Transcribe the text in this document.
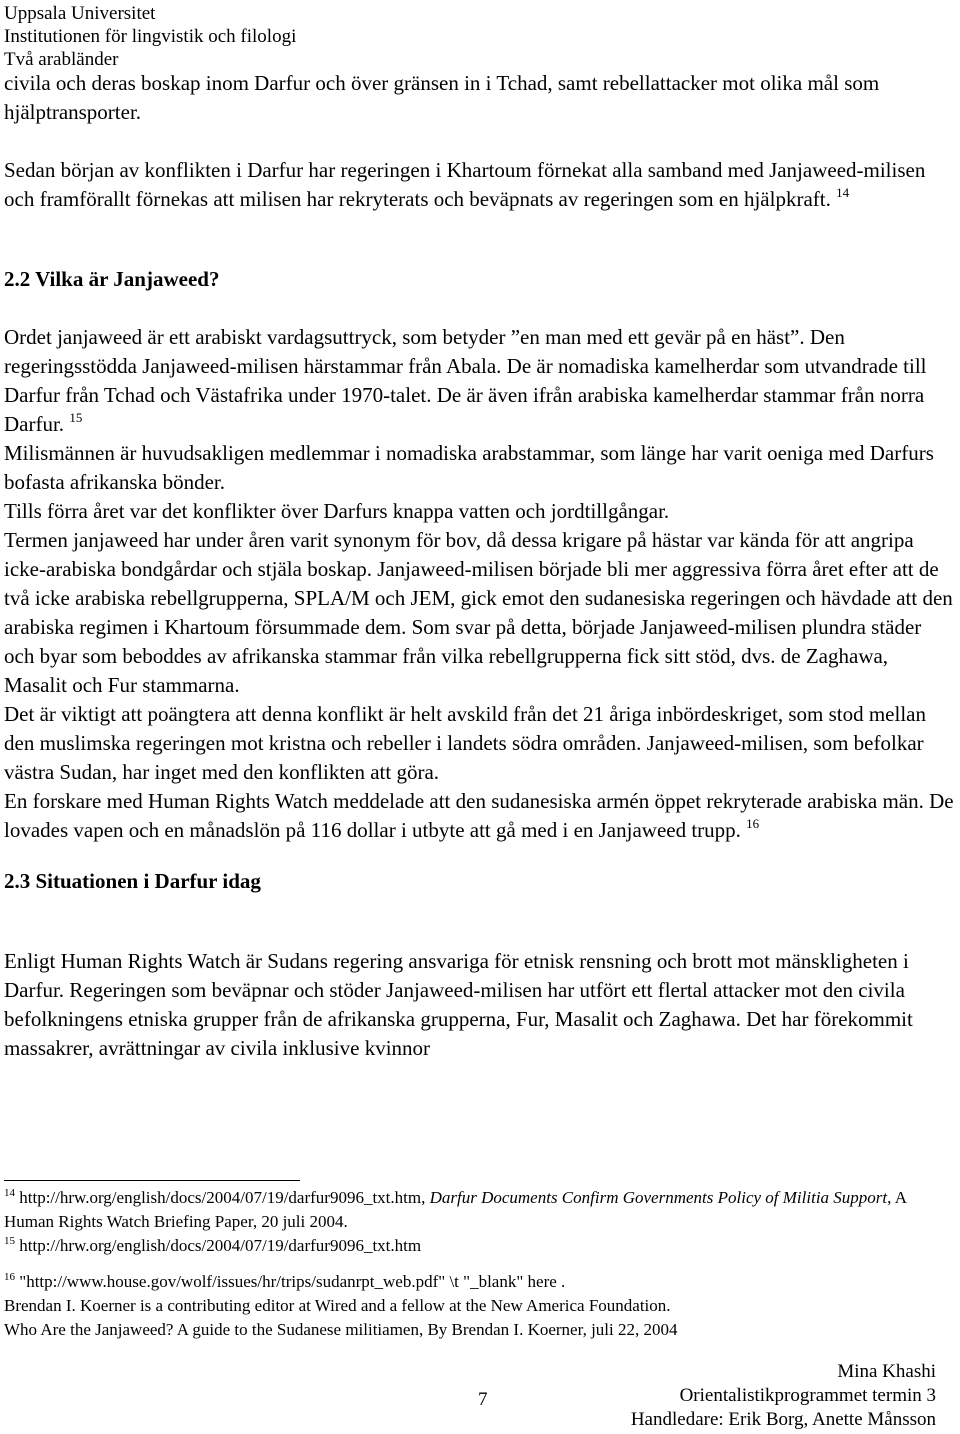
Uppsala Universitet
Institutionen för lingvistik och filologi
Två arabländer

civila och deras boskap inom Darfur och över gränsen in i Tchad, samt rebellattacker mot olika mål som hjälptransporter.

Sedan början av konflikten i Darfur har regeringen i Khartoum förnekat alla samband med Janjaweed-milisen och framförallt förnekas att milisen har rekryterats och beväpnats av regeringen som en hjälpkraft. $^{14}$

2.2 Vilka är Janjaweed?

Ordet janjaweed är ett arabiskt vardagsuttryck, som betyder ”en man med ett gevär på en häst”. Den regeringsstödda Janjaweed-milisen härstammar från Abala. De är nomadiska kamelherdar som utvandrade till Darfur från Tchad och Västafrika under 1970-talet. De är även ifrån arabiska kamelherdar stammar från norra Darfur. $^{15}$

Milismännen är huvudsakligen medlemmar i nomadiska arabstammar, som länge har varit oeniga med Darfurs bofasta afrikanska bönder.

Tills förra året var det konflikter över Darfurs knappa vatten och jordtillgångar.

Termen janjaweed har under åren varit synonym för bov, då dessa krigare på hästar var kända för att angripa icke-arabiska bondgårdar och stjäla boskap. Janjaweed-milisen började bli mer aggressiva förra året efter att de två icke arabiska rebellgrupperna, SPLA/M och JEM, gick emot den sudanesiska regeringen och hävdade att den arabiska regimen i Khartoum försummade dem. Som svar på detta, började Janjaweed-milisen plundra städer och byar som beboddes av afrikanska stammar från vilka rebellgrupperna fick sitt stöd, dvs. de Zaghawa, Masalit och Fur stammarna.

Det är viktigt att poängtera att denna konflikt är helt avskild från det 21 åriga inbördeskriget, som stod mellan den muslimska regeringen mot kristna och rebeller i landets södra områden. Janjaweed-milisen, som befolkar västra Sudan, har inget med den konflikten att göra.

En forskare med Human Rights Watch meddelade att den sudanesiska armén öppet rekryterade arabiska män. De lovades vapen och en månadslön på 116 dollar i utbyte att gå med i en Janjaweed trupp. $^{16}$

2.3 Situationen i Darfur idag

Enligt Human Rights Watch är Sudans regering ansvariga för etnisk rensning och brott mot mänskligheten i Darfur. Regeringen som beväpnar och stöder Janjaweed-milisen har utfört ett flertal attacker mot den civila befolkningens etniska grupper från de afrikanska grupperna, Fur, Masalit och Zaghawa. Det har förekommit massakrer, avrättningar av civila inklusive kvinnor

$^{14}$ http://hrw.org/english/docs/2004/07/19/darfur9096_txt.htm, Darfur Documents Confirm Governments Policy of Militia Support, A Human Rights Watch Briefing Paper, 20 juli 2004.

$^{15}$ http://hrw.org/english/docs/2004/07/19/darfur9096_txt.htm

$^{16}$ "http://www.house.gov/wolf/issues/hr/trips/sudanrpt_web.pdf" \t "_blank" here .

Brendan I. Koerner is a contributing editor at Wired and a fellow at the New America Foundation.

Who Are the Janjaweed? A guide to the Sudanese militiamen, By Brendan I. Koerner, juli 22, 2004

7
Mina Khashi
Orientalistikprogrammet termin 3
Handledare: Erik Borg, Anette Månsson
